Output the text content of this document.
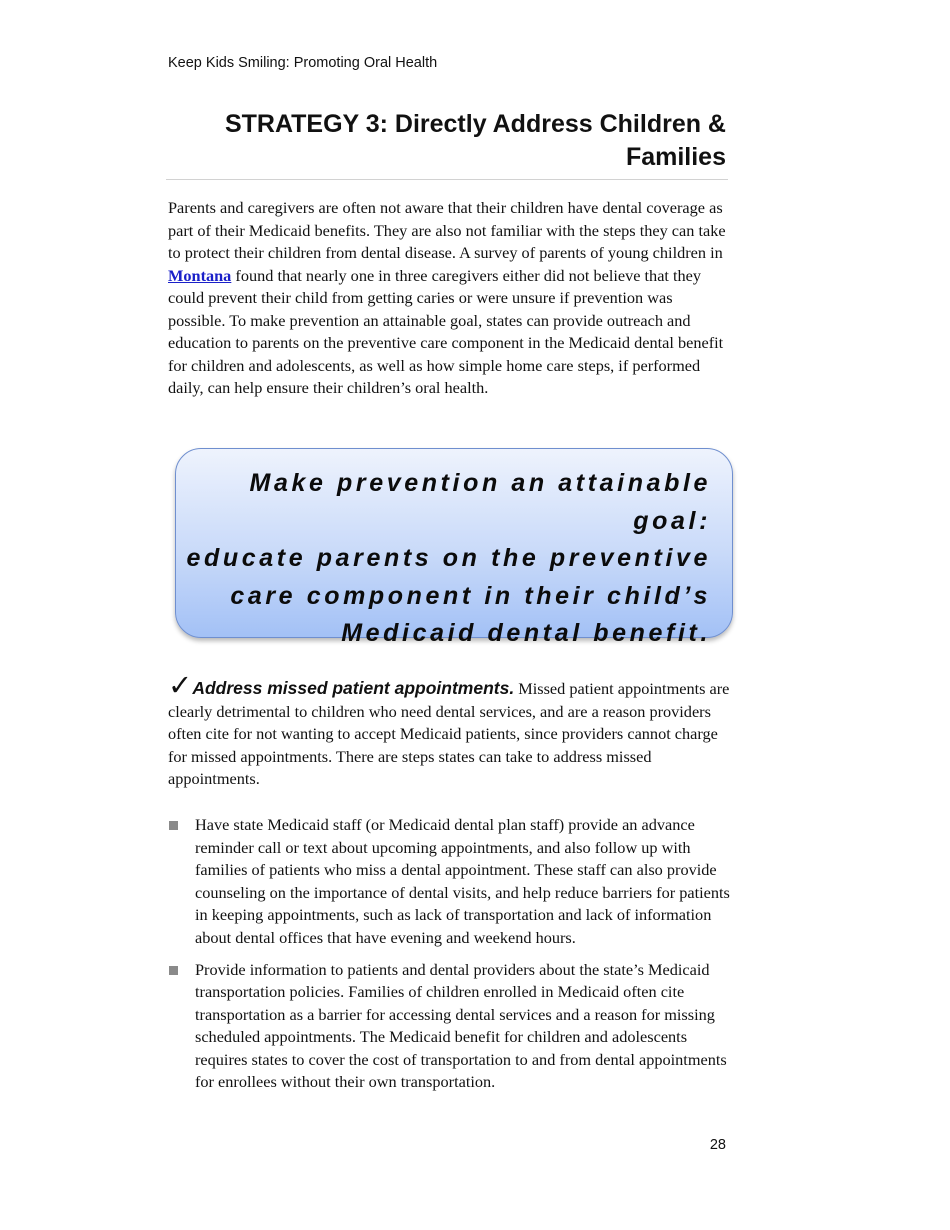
Keep Kids Smiling: Promoting Oral Health
STRATEGY 3: Directly Address Children &
Families

Parents and caregivers are often not aware that their children have dental coverage as part of their Medicaid benefits. They are also not familiar with the steps they can take to protect their children from dental disease. A survey of parents of young children in Montana found that nearly one in three caregivers either did not believe that they could prevent their child from getting caries or were unsure if prevention was possible. To make prevention an attainable goal, states can provide outreach and education to parents on the preventive care component in the Medicaid dental benefit for children and adolescents, as well as how simple home care steps, if performed daily, can help ensure their children’s oral health.

Make prevention an attainable goal:
educate parents on the preventive
care component in their child’s
Medicaid dental benefit.

✓Address missed patient appointments. Missed patient appointments are clearly detrimental to children who need dental services, and are a reason providers often cite for not wanting to accept Medicaid patients, since providers cannot charge for missed appointments. There are steps states can take to address missed appointments.

Have state Medicaid staff (or Medicaid dental plan staff) provide an advance reminder call or text about upcoming appointments, and also follow up with families of patients who miss a dental appointment. These staff can also provide counseling on the importance of dental visits, and help reduce barriers for patients in keeping appointments, such as lack of transportation and lack of information about dental offices that have evening and weekend hours.
Provide information to patients and dental providers about the state’s Medicaid transportation policies. Families of children enrolled in Medicaid often cite transportation as a barrier for accessing dental services and a reason for missing scheduled appointments. The Medicaid benefit for children and adolescents requires states to cover the cost of transportation to and from dental appointments for enrollees without their own transportation.
28
